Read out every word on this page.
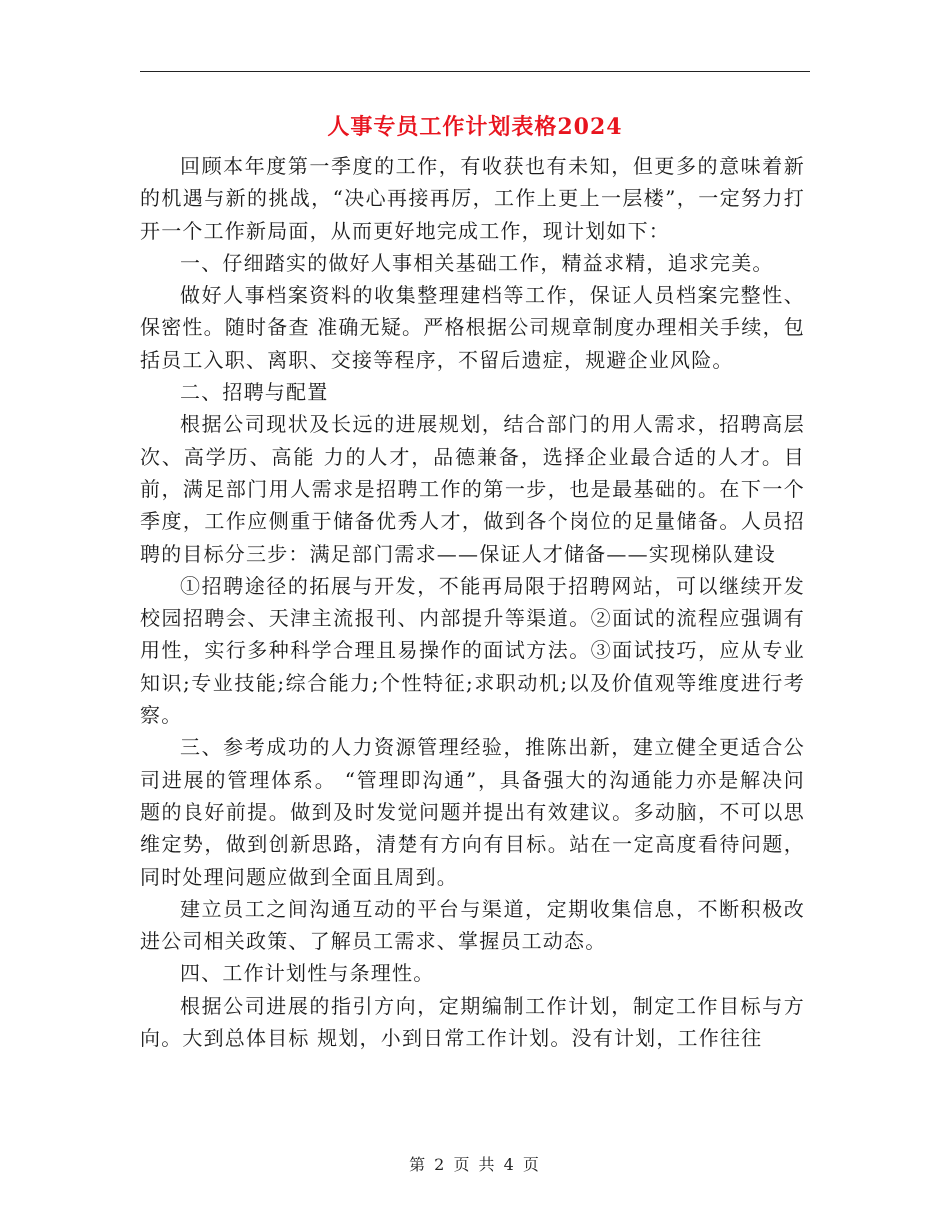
人事专员工作计划表格2024

回顾本年度第一季度的工作，有收获也有未知，但更多的意味着新的机遇与新的挑战，“决心再接再厉，工作上更上一层楼”，一定努力打开一个工作新局面，从而更好地完成工作，现计划如下：

一、仔细踏实的做好人事相关基础工作，精益求精，追求完美。

做好人事档案资料的收集整理建档等工作，保证人员档案完整性、保密性。随时备查 准确无疑。严格根据公司规章制度办理相关手续，包括员工入职、离职、交接等程序，不留后遗症，规避企业风险。

二、招聘与配置

根据公司现状及长远的进展规划，结合部门的用人需求，招聘高层次、高学历、高能 力的人才，品德兼备，选择企业最合适的人才。目前，满足部门用人需求是招聘工作的第一步，也是最基础的。在下一个季度，工作应侧重于储备优秀人才，做到各个岗位的足量储备。人员招聘的目标分三步：满足部门需求——保证人才储备——实现梯队建设

①招聘途径的拓展与开发，不能再局限于招聘网站，可以继续开发校园招聘会、天津主流报刊、内部提升等渠道。②面试的流程应强调有用性，实行多种科学合理且易操作的面试方法。③面试技巧，应从专业知识;专业技能;综合能力;个性特征;求职动机;以及价值观等维度进行考察。

三、参考成功的人力资源管理经验，推陈出新，建立健全更适合公司进展的管理体系。 “管理即沟通”，具备强大的沟通能力亦是解决问题的良好前提。做到及时发觉问题并提出有效建议。多动脑，不可以思维定势，做到创新思路，清楚有方向有目标。站在一定高度看待问题，同时处理问题应做到全面且周到。

建立员工之间沟通互动的平台与渠道，定期收集信息，不断积极改进公司相关政策、了解员工需求、掌握员工动态。

四、工作计划性与条理性。

根据公司进展的指引方向，定期编制工作计划，制定工作目标与方向。大到总体目标 规划，小到日常工作计划。没有计划，工作往往

第 2 页 共 4 页
